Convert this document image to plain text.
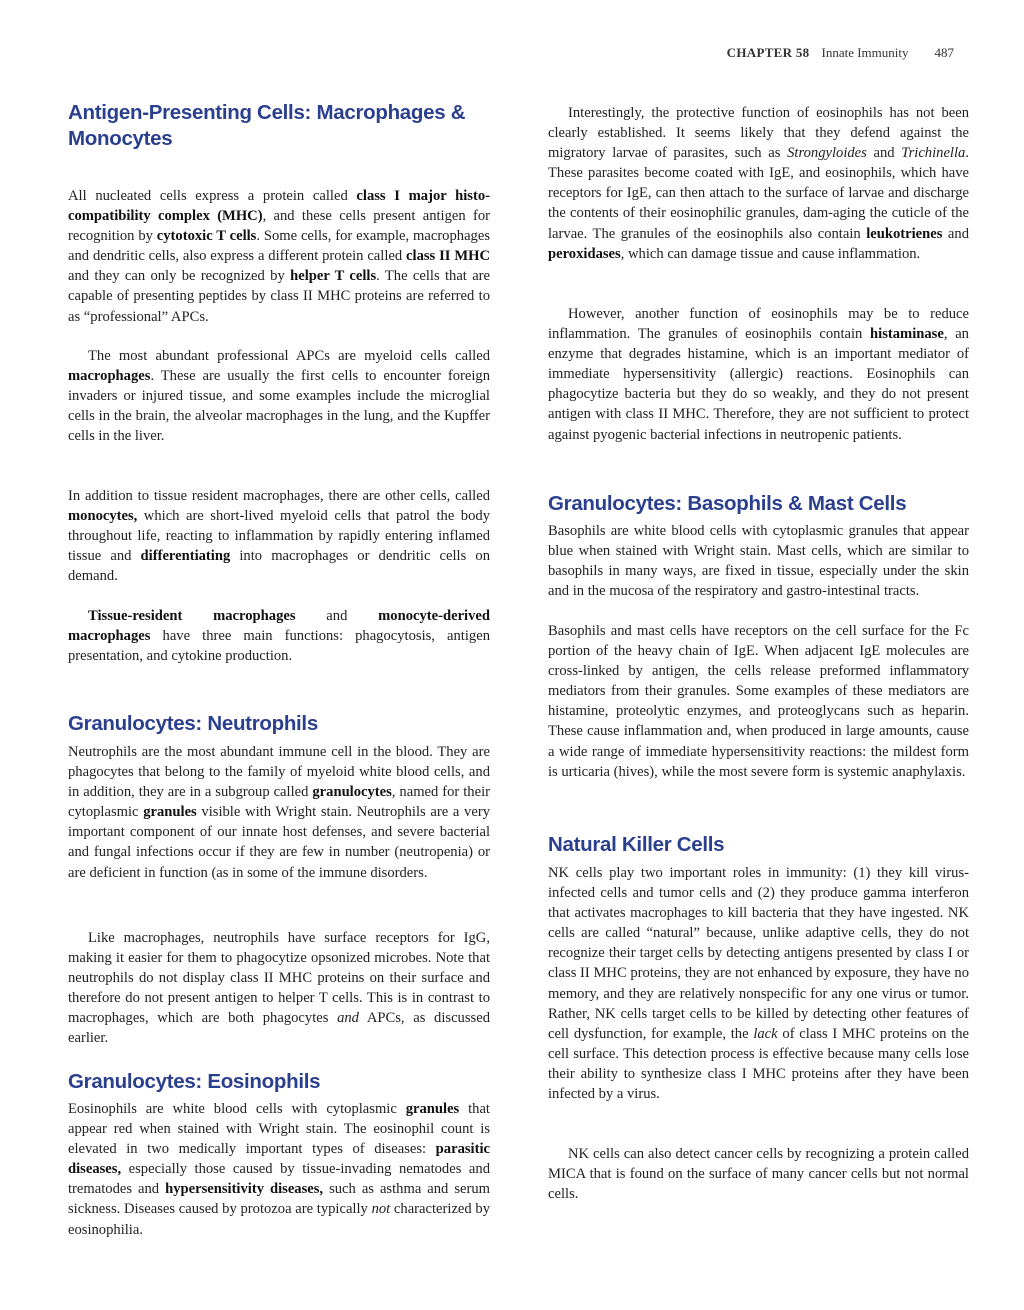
CHAPTER 58 Innate Immunity 487
Antigen-Presenting Cells: Macrophages & Monocytes

All nucleated cells express a protein called class I major histo-compatibility complex (MHC), and these cells present antigen for recognition by cytotoxic T cells. Some cells, for example, macrophages and dendritic cells, also express a different protein called class II MHC and they can only be recognized by helper T cells. The cells that are capable of presenting peptides by class II MHC proteins are referred to as “professional” APCs.

The most abundant professional APCs are myeloid cells called macrophages. These are usually the first cells to encounter foreign invaders or injured tissue, and some examples include the microglial cells in the brain, the alveolar macrophages in the lung, and the Kupffer cells in the liver.

In addition to tissue resident macrophages, there are other cells, called monocytes, which are short-lived myeloid cells that patrol the body throughout life, reacting to inflammation by rapidly entering inflamed tissue and differentiating into macrophages or dendritic cells on demand.

Tissue-resident macrophages and monocyte-derived macrophages have three main functions: phagocytosis, antigen presentation, and cytokine production.

Granulocytes: Neutrophils

Neutrophils are the most abundant immune cell in the blood. They are phagocytes that belong to the family of myeloid white blood cells, and in addition, they are in a subgroup called granulocytes, named for their cytoplasmic granules visible with Wright stain. Neutrophils are a very important component of our innate host defenses, and severe bacterial and fungal infections occur if they are few in number (neutropenia) or are deficient in function (as in some of the immune disorders.

Like macrophages, neutrophils have surface receptors for IgG, making it easier for them to phagocytize opsonized microbes. Note that neutrophils do not display class II MHC proteins on their surface and therefore do not present antigen to helper T cells. This is in contrast to macrophages, which are both phagocytes and APCs, as discussed earlier.

Granulocytes: Eosinophils

Eosinophils are white blood cells with cytoplasmic granules that appear red when stained with Wright stain. The eosinophil count is elevated in two medically important types of diseases: parasitic diseases, especially those caused by tissue-invading nematodes and trematodes and hypersensitivity diseases, such as asthma and serum sickness. Diseases caused by protozoa are typically not characterized by eosinophilia.

Interestingly, the protective function of eosinophils has not been clearly established. It seems likely that they defend against the migratory larvae of parasites, such as Strongyloides and Trichinella. These parasites become coated with IgE, and eosinophils, which have receptors for IgE, can then attach to the surface of larvae and discharge the contents of their eosinophilic granules, dam-aging the cuticle of the larvae. The granules of the eosinophils also contain leukotrienes and peroxidases, which can damage tissue and cause inflammation.

However, another function of eosinophils may be to reduce inflammation. The granules of eosinophils contain histaminase, an enzyme that degrades histamine, which is an important mediator of immediate hypersensitivity (allergic) reactions. Eosinophils can phagocytize bacteria but they do so weakly, and they do not present antigen with class II MHC. Therefore, they are not sufficient to protect against pyogenic bacterial infections in neutropenic patients.

Granulocytes: Basophils & Mast Cells

Basophils are white blood cells with cytoplasmic granules that appear blue when stained with Wright stain. Mast cells, which are similar to basophils in many ways, are fixed in tissue, especially under the skin and in the mucosa of the respiratory and gastro-intestinal tracts.

Basophils and mast cells have receptors on the cell surface for the Fc portion of the heavy chain of IgE. When adjacent IgE molecules are cross-linked by antigen, the cells release preformed inflammatory mediators from their granules. Some examples of these mediators are histamine, proteolytic enzymes, and proteoglycans such as heparin. These cause inflammation and, when produced in large amounts, cause a wide range of immediate hypersensitivity reactions: the mildest form is urticaria (hives), while the most severe form is systemic anaphylaxis.

Natural Killer Cells

NK cells play two important roles in immunity: (1) they kill virus-infected cells and tumor cells and (2) they produce gamma interferon that activates macrophages to kill bacteria that they have ingested. NK cells are called “natural” because, unlike adaptive cells, they do not recognize their target cells by detecting antigens presented by class I or class II MHC proteins, they are not enhanced by exposure, they have no memory, and they are relatively nonspecific for any one virus or tumor. Rather, NK cells target cells to be killed by detecting other features of cell dysfunction, for example, the lack of class I MHC proteins on the cell surface. This detection process is effective because many cells lose their ability to synthesize class I MHC proteins after they have been infected by a virus.

NK cells can also detect cancer cells by recognizing a protein called MICA that is found on the surface of many cancer cells but not normal cells.
